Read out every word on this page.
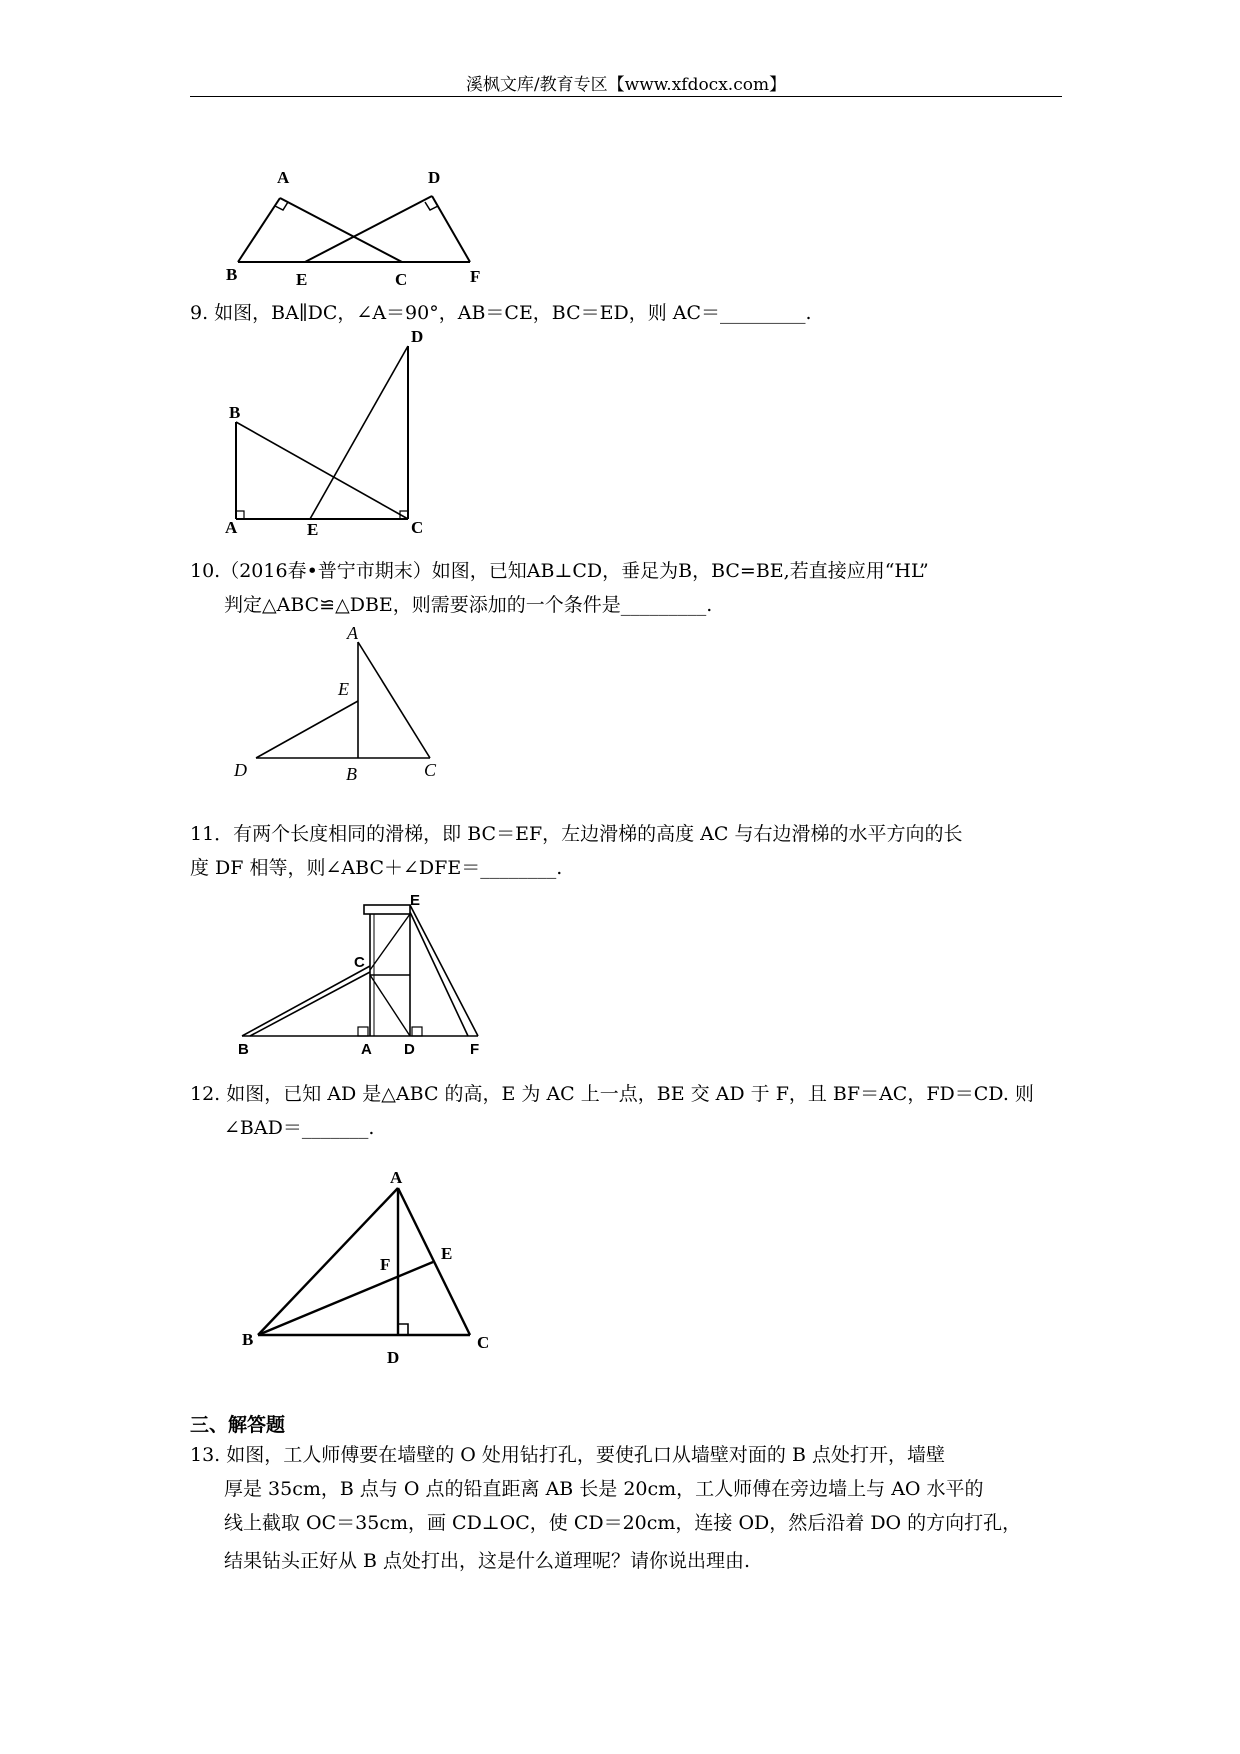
溪枫文库/教育专区【www.xfdocx.com】
A	D
B	E	C	F
9. 如图，BA∥DC，∠A＝90°，AB＝CE，BC＝ED，则 AC＝_________.
B
D
A	E	C
10.（2016春•普宁市期末）如图，已知AB⊥CD，垂足为B，BC=BE,若直接应用“HL”
判定△ABC≌△DBE，则需要添加的一个条件是_________.
A
E
D	B	C
11．有两个长度相同的滑梯，即 BC＝EF，左边滑梯的高度 AC 与右边滑梯的水平方向的长
度 DF 相等，则∠ABC＋∠DFE＝________.
E
C
B	A D	F
12. 如图，已知 AD 是△ABC 的高，E 为 AC 上一点，BE 交 AD 于 F，且 BF＝AC，FD＝CD. 则
∠BAD＝_______.
A
F
E
B
D
C
三、解答题
13. 如图，工人师傅要在墙壁的 O 处用钻打孔，要使孔口从墙壁对面的 B 点处打开，墙壁
厚是 35cm，B 点与 O 点的铅直距离 AB 长是 20cm，工人师傅在旁边墙上与 AO 水平的
线上截取 OC＝35cm，画 CD⊥OC，使 CD＝20cm，连接 OD，然后沿着 DO 的方向打孔，
结果钻头正好从 B 点处打出，这是什么道理呢？请你说出理由.
